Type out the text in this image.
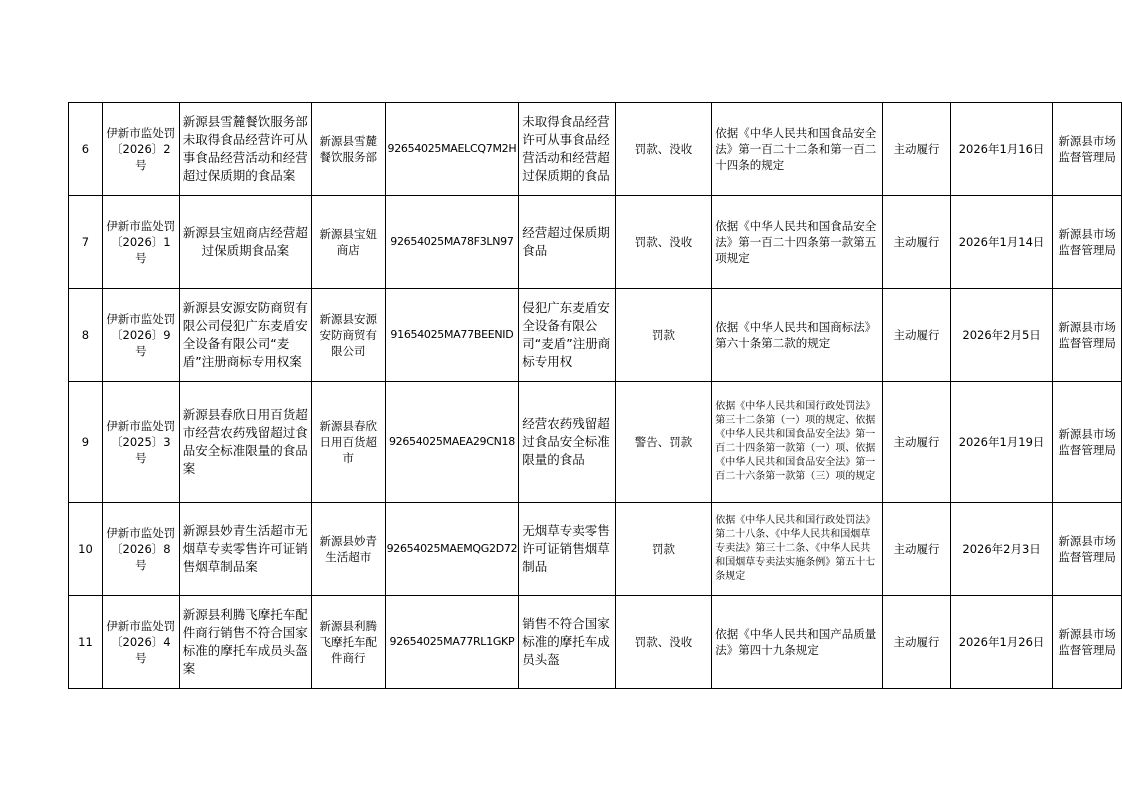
6	伊新市监处罚〔2026〕2号	新源县雪麓餐饮服务部未取得食品经营许可从事食品经营活动和经营超过保质期的食品案	新源县雪麓餐饮服务部	92654025MAELCQ7M2H	未取得食品经营许可从事食品经营活动和经营超过保质期的食品	罚款、没收	依据《中华人民共和国食品安全法》第一百二十二条和第一百二十四条的规定	主动履行	2026年1月16日	新源县市场监督管理局
7	伊新市监处罚〔2026〕1号	新源县宝妞商店经营超过保质期食品案	新源县宝妞商店	92654025MA78F3LN97	经营超过保质期食品	罚款、没收	依据《中华人民共和国食品安全法》第一百二十四条第一款第五项规定	主动履行	2026年1月14日	新源县市场监督管理局
8	伊新市监处罚〔2026〕9号	新源县安源安防商贸有限公司侵犯广东麦盾安全设备有限公司“麦盾”注册商标专用权案	新源县安源安防商贸有限公司	91654025MA77BEENID	侵犯广东麦盾安全设备有限公司“麦盾”注册商标专用权	罚款	依据《中华人民共和国商标法》第六十条第二款的规定	主动履行	2026年2月5日	新源县市场监督管理局
9	伊新市监处罚〔2025〕3号	新源县春欣日用百货超市经营农药残留超过食品安全标准限量的食品案	新源县春欣日用百货超市	92654025MAEA29CN18	经营农药残留超过食品安全标准限量的食品	警告、罚款	依据《中华人民共和国行政处罚法》第三十二条第（一）项的规定、依据《中华人民共和国食品安全法》第一百二十四条第一款第（一）项、依据《中华人民共和国食品安全法》第一百二十六条第一款第（三）项的规定	主动履行	2026年1月19日	新源县市场监督管理局
10	伊新市监处罚〔2026〕8号	新源县妙青生活超市无烟草专卖零售许可证销售烟草制品案	新源县妙青生活超市	92654025MAEMQG2D72	无烟草专卖零售许可证销售烟草制品	罚款	依据《中华人民共和国行政处罚法》第二十八条、《中华人民共和国烟草专卖法》第三十二条、《中华人民共和国烟草专卖法实施条例》第五十七条规定	主动履行	2026年2月3日	新源县市场监督管理局
11	伊新市监处罚〔2026〕4号	新源县利腾飞摩托车配件商行销售不符合国家标准的摩托车成员头盔案	新源县利腾飞摩托车配件商行	92654025MA77RL1GKP	销售不符合国家标准的摩托车成员头盔	罚款、没收	依据《中华人民共和国产品质量法》第四十九条规定	主动履行	2026年1月26日	新源县市场监督管理局
